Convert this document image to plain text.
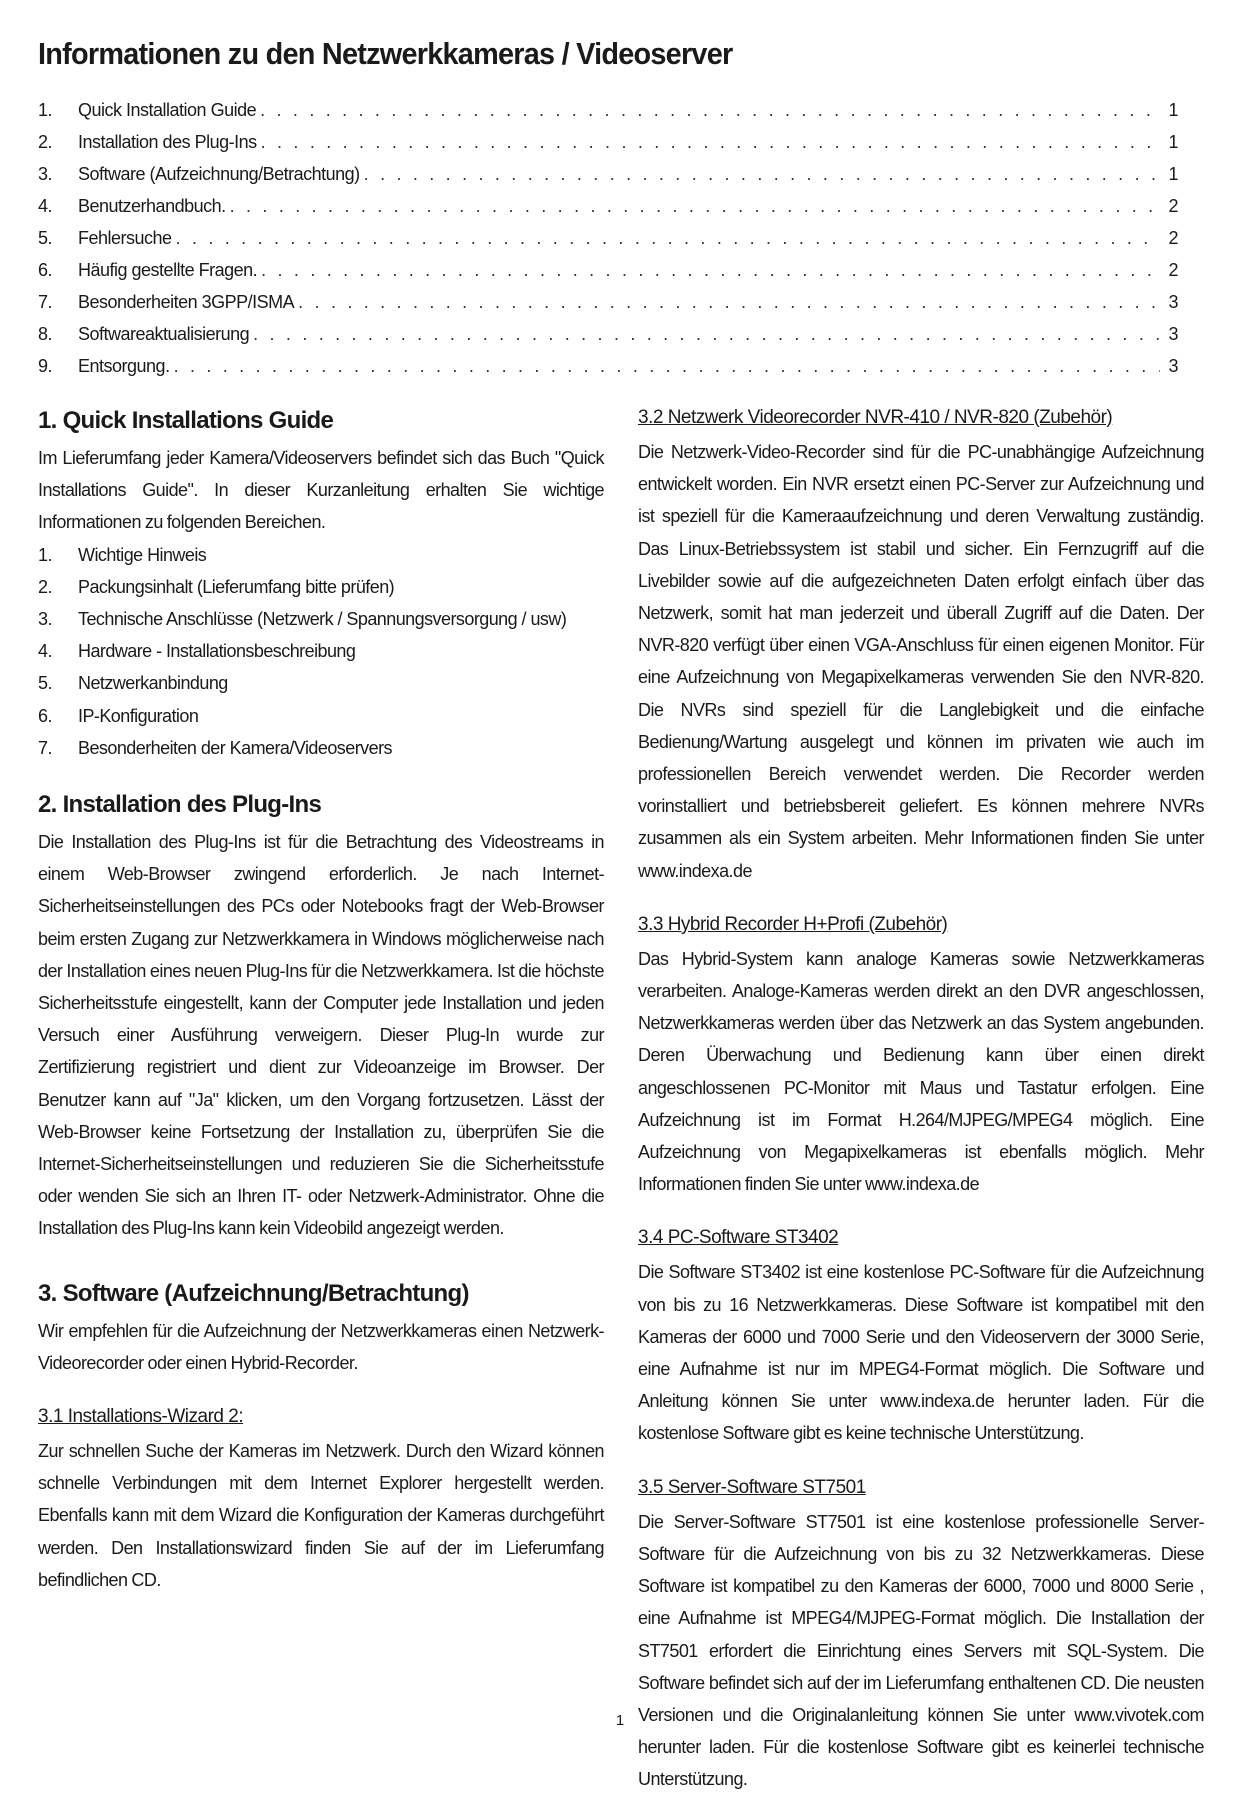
Informationen zu den Netzwerkkameras / Videoserver
1.	Quick Installation Guide . . .	1
2.	Installation des Plug-Ins . . .	1
3.	Software (Aufzeichnung/Betrachtung) . . .	1
4.	Benutzerhandbuch. . . .	2
5.	Fehlersuche . . .	2
6.	Häufig gestellte Fragen. . . .	2
7.	Besonderheiten 3GPP/ISMA . . .	3
8.	Softwareaktualisierung . . .	3
9.	Entsorgung. . . .	3
1. Quick Installations Guide

Im Lieferumfang jeder Kamera/Videoservers befindet sich das Buch "Quick Installations Guide". In dieser Kurzanleitung erhalten Sie wichtige Informationen zu folgenden Bereichen.

1.	Wichtige Hinweis
2.	Packungsinhalt (Lieferumfang bitte prüfen)
3.	Technische Anschlüsse (Netzwerk / Spannungsversorgung / usw)
4.	Hardware - Installationsbeschreibung
5.	Netzwerkanbindung
6.	IP-Konfiguration
7.	Besonderheiten der Kamera/Videoservers
2. Installation des Plug-Ins

Die Installation des Plug-Ins ist für die Betrachtung des Videostreams in einem Web-Browser zwingend erforderlich. Je nach Internet-Sicherheitseinstellungen des PCs oder Notebooks fragt der Web-Browser beim ersten Zugang zur Netzwerkkamera in Windows möglicherweise nach der Installation eines neuen Plug-Ins für die Netzwerkkamera. Ist die höchste Sicherheitsstufe eingestellt, kann der Computer jede Installation und jeden Versuch einer Ausführung verweigern. Dieser Plug-In wurde zur Zertifizierung registriert und dient zur Videoanzeige im Browser. Der Benutzer kann auf "Ja" klicken, um den Vorgang fortzusetzen. Lässt der Web-Browser keine Fortsetzung der Installation zu, überprüfen Sie die Internet-Sicherheitseinstellungen und reduzieren Sie die Sicherheitsstufe oder wenden Sie sich an Ihren IT- oder Netzwerk-Administrator. Ohne die Installation des Plug-Ins kann kein Videobild angezeigt werden.

3. Software (Aufzeichnung/Betrachtung)

Wir empfehlen für die Aufzeichnung der Netzwerkkameras einen Netzwerk-Videorecorder oder einen Hybrid-Recorder.

3.1 Installations-Wizard 2:

Zur schnellen Suche der Kameras im Netzwerk. Durch den Wizard können schnelle Verbindungen mit dem Internet Explorer hergestellt werden. Ebenfalls kann mit dem Wizard die Konfiguration der Kameras durchgeführt werden. Den Installationswizard finden Sie auf der im Lieferumfang befindlichen CD.

3.2 Netzwerk Videorecorder NVR-410 / NVR-820 (Zubehör)

Die Netzwerk-Video-Recorder sind für die PC-unabhängige Aufzeichnung entwickelt worden. Ein NVR ersetzt einen PC-Server zur Aufzeichnung und ist speziell für die Kameraaufzeichnung und deren Verwaltung zuständig. Das Linux-Betriebssystem ist stabil und sicher. Ein Fernzugriff auf die Livebilder sowie auf die aufgezeichneten Daten erfolgt einfach über das Netzwerk, somit hat man jederzeit und überall Zugriff auf die Daten. Der NVR-820 verfügt über einen VGA-Anschluss für einen eigenen Monitor. Für eine Aufzeichnung von Megapixelkameras verwenden Sie den NVR-820. Die NVRs sind speziell für die Langlebigkeit und die einfache Bedienung/Wartung ausgelegt und können im privaten wie auch im professionellen Bereich verwendet werden. Die Recorder werden vorinstalliert und betriebsbereit geliefert. Es können mehrere NVRs zusammen als ein System arbeiten. Mehr Informationen finden Sie unter www.indexa.de

3.3 Hybrid Recorder H+Profi (Zubehör)

Das Hybrid-System kann analoge Kameras sowie Netzwerkkameras verarbeiten. Analoge-Kameras werden direkt an den DVR angeschlossen, Netzwerkkameras werden über das Netzwerk an das System angebunden. Deren Überwachung und Bedienung kann über einen direkt angeschlossenen PC-Monitor mit Maus und Tastatur erfolgen. Eine Aufzeichnung ist im Format H.264/MJPEG/MPEG4 möglich. Eine Aufzeichnung von Megapixelkameras ist ebenfalls möglich. Mehr Informationen finden Sie unter www.indexa.de

3.4 PC-Software ST3402

Die Software ST3402 ist eine kostenlose PC-Software für die Aufzeichnung von bis zu 16 Netzwerkkameras. Diese Software ist kompatibel mit den Kameras der 6000 und 7000 Serie und den Videoservern der 3000 Serie, eine Aufnahme ist nur im MPEG4-Format möglich. Die Software und Anleitung können Sie unter www.indexa.de herunter laden. Für die kostenlose Software gibt es keine technische Unterstützung.

3.5 Server-Software ST7501

Die Server-Software ST7501 ist eine kostenlose professionelle Server-Software für die Aufzeichnung von bis zu 32 Netzwerkkameras. Diese Software ist kompatibel zu den Kameras der 6000, 7000 und 8000 Serie , eine Aufnahme ist MPEG4/MJPEG-Format möglich. Die Installation der ST7501 erfordert die Einrichtung eines Servers mit SQL-System. Die Software befindet sich auf der im Lieferumfang enthaltenen CD. Die neusten Versionen und die Originalanleitung können Sie unter www.vivotek.com herunter laden. Für die kostenlose Software gibt es keinerlei technische Unterstützung.

1
